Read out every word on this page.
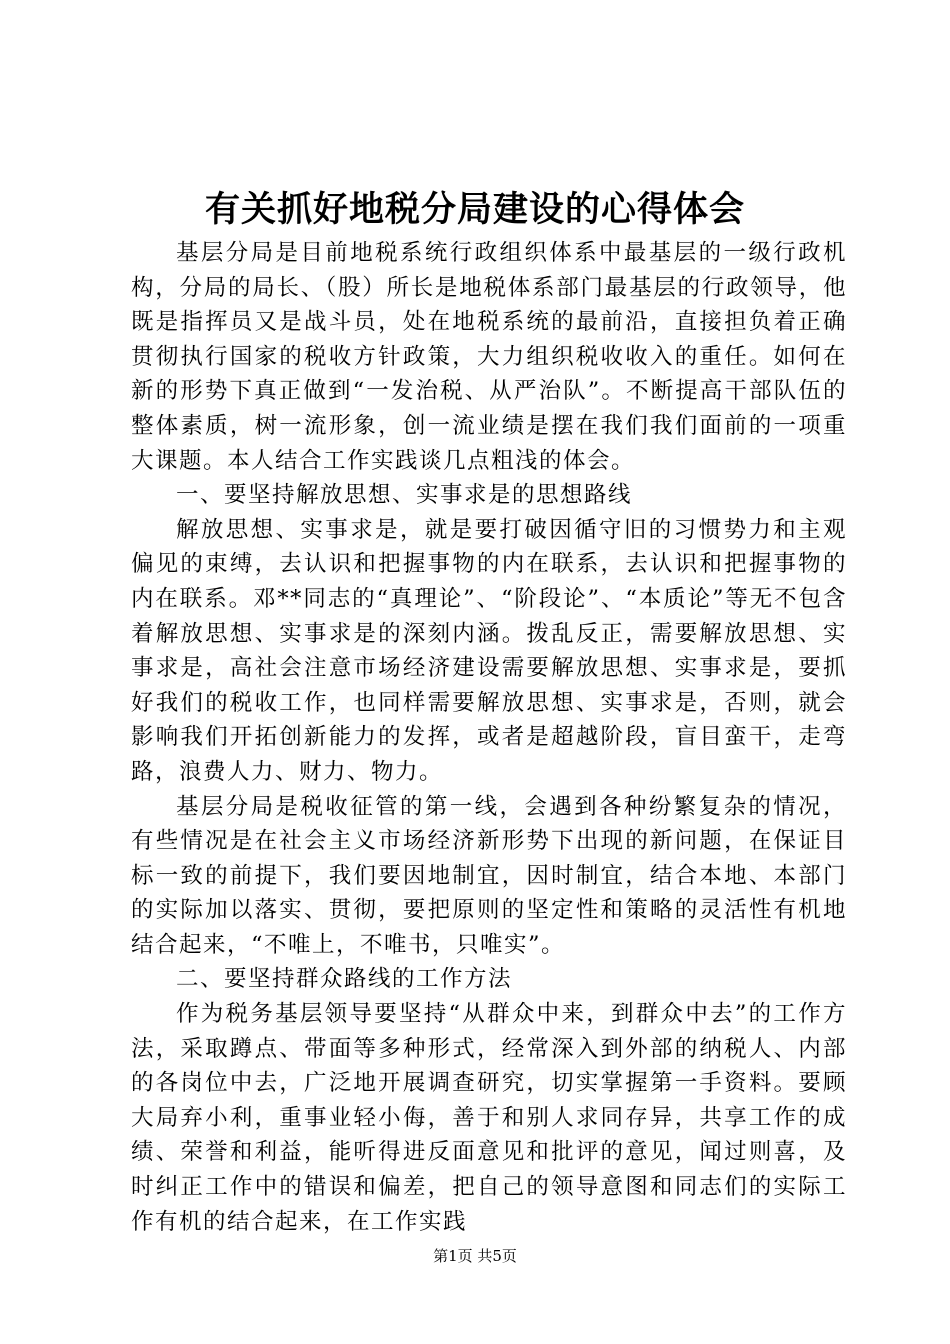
有关抓好地税分局建设的心得体会

基层分局是目前地税系统行政组织体系中最基层的一级行政机构，分局的局长、（股）所长是地税体系部门最基层的行政领导，他既是指挥员又是战斗员，处在地税系统的最前沿，直接担负着正确贯彻执行国家的税收方针政策，大力组织税收收入的重任。如何在新的形势下真正做到“一发治税、从严治队”。不断提高干部队伍的整体素质，树一流形象，创一流业绩是摆在我们我们面前的一项重大课题。本人结合工作实践谈几点粗浅的体会。

一、要坚持解放思想、实事求是的思想路线

解放思想、实事求是，就是要打破因循守旧的习惯势力和主观偏见的束缚，去认识和把握事物的内在联系，去认识和把握事物的内在联系。邓**同志的“真理论”、“阶段论”、“本质论”等无不包含着解放思想、实事求是的深刻内涵。拨乱反正，需要解放思想、实事求是，高社会注意市场经济建设需要解放思想、实事求是，要抓好我们的税收工作，也同样需要解放思想、实事求是，否则，就会影响我们开拓创新能力的发挥，或者是超越阶段，盲目蛮干，走弯路，浪费人力、财力、物力。

基层分局是税收征管的第一线，会遇到各种纷繁复杂的情况，有些情况是在社会主义市场经济新形势下出现的新问题，在保证目标一致的前提下，我们要因地制宜，因时制宜，结合本地、本部门的实际加以落实、贯彻，要把原则的坚定性和策略的灵活性有机地结合起来，“不唯上，不唯书，只唯实”。

二、要坚持群众路线的工作方法

作为税务基层领导要坚持“从群众中来，到群众中去”的工作方法，采取蹲点、带面等多种形式，经常深入到外部的纳税人、内部的各岗位中去，广泛地开展调查研究，切实掌握第一手资料。要顾大局弃小利，重事业轻小侮，善于和别人求同存异，共享工作的成绩、荣誉和利益，能听得进反面意见和批评的意见，闻过则喜，及时纠正工作中的错误和偏差，把自己的领导意图和同志们的实际工作有机的结合起来，在工作实践

第1页 共5页
